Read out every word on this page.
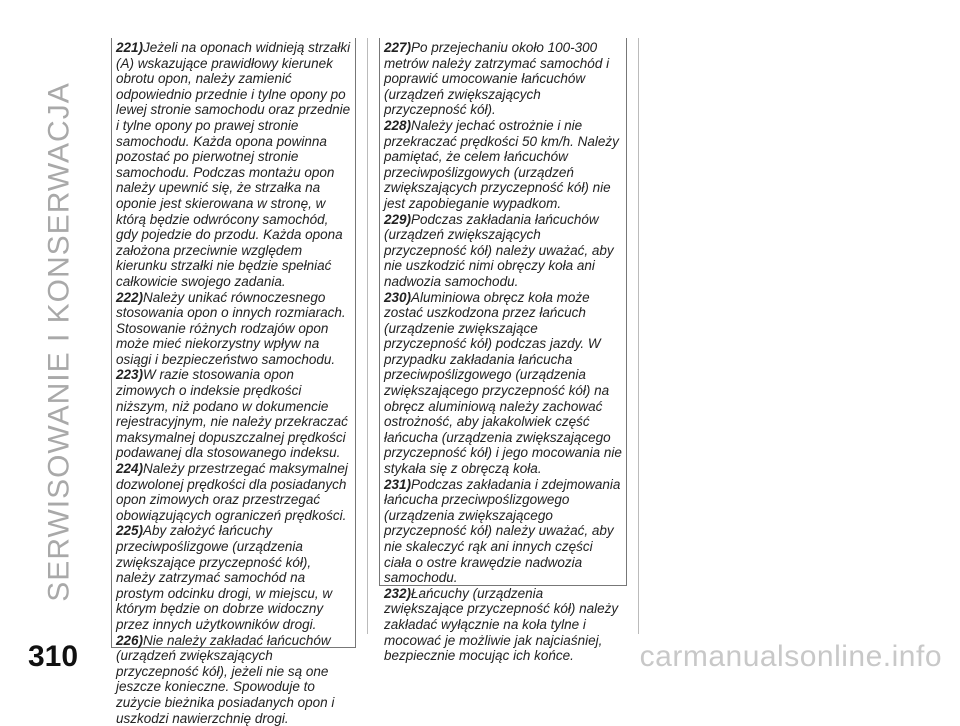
SERWISOWANIE I KONSERWACJA
221)Jeżeli na oponach widnieją strzałki (A) wskazujące prawidłowy kierunek obrotu opon, należy zamienić odpowiednio przednie i tylne opony po lewej stronie samochodu oraz przednie i tylne opony po prawej stronie samochodu. Każda opona powinna pozostać po pierwotnej stronie samochodu. Podczas montażu opon należy upewnić się, że strzałka na oponie jest skierowana w stronę, w którą będzie odwrócony samochód, gdy pojedzie do przodu. Każda opona założona przeciwnie względem kierunku strzałki nie będzie spełniać całkowicie swojego zadania.
222)Należy unikać równoczesnego stosowania opon o innych rozmiarach. Stosowanie różnych rodzajów opon może mieć niekorzystny wpływ na osiągi i bezpieczeństwo samochodu.
223)W razie stosowania opon zimowych o indeksie prędkości niższym, niż podano w dokumencie rejestracyjnym, nie należy przekraczać maksymalnej dopuszczalnej prędkości podawanej dla stosowanego indeksu.
224)Należy przestrzegać maksymalnej dozwolonej prędkości dla posiadanych opon zimowych oraz przestrzegać obowiązujących ograniczeń prędkości.
225)Aby założyć łańcuchy przeciwpoślizgowe (urządzenia zwiększające przyczepność kół), należy zatrzymać samochód na prostym odcinku drogi, w miejscu, w którym będzie on dobrze widoczny przez innych użytkowników drogi.
226)Nie należy zakładać łańcuchów (urządzeń zwiększających przyczepność kół), jeżeli nie są one jeszcze konieczne. Spowoduje to zużycie bieżnika posiadanych opon i uszkodzi nawierzchnię drogi.
227)Po przejechaniu około 100-300 metrów należy zatrzymać samochód i poprawić umocowanie łańcuchów (urządzeń zwiększających przyczepność kół).
228)Należy jechać ostrożnie i nie przekraczać prędkości 50 km/h. Należy pamiętać, że celem łańcuchów przeciwpoślizgowych (urządzeń zwiększających przyczepność kół) nie jest zapobieganie wypadkom.
229)Podczas zakładania łańcuchów (urządzeń zwiększających przyczepność kół) należy uważać, aby nie uszkodzić nimi obręczy koła ani nadwozia samochodu.
230)Aluminiowa obręcz koła może zostać uszkodzona przez łańcuch (urządzenie zwiększające przyczepność kół) podczas jazdy. W przypadku zakładania łańcucha przeciwpoślizgowego (urządzenia zwiększającego przyczepność kół) na obręcz aluminiową należy zachować ostrożność, aby jakakolwiek część łańcucha (urządzenia zwiększającego przyczepność kół) i jego mocowania nie stykała się z obręczą koła.
231)Podczas zakładania i zdejmowania łańcucha przeciwpoślizgowego (urządzenia zwiększającego przyczepność kół) należy uważać, aby nie skaleczyć rąk ani innych części ciała o ostre krawędzie nadwozia samochodu.
232)Łańcuchy (urządzenia zwiększające przyczepność kół) należy zakładać wyłącznie na koła tylne i mocować je możliwie jak najciaśniej, bezpiecznie mocując ich końce.
310	carmanualsonline.info
